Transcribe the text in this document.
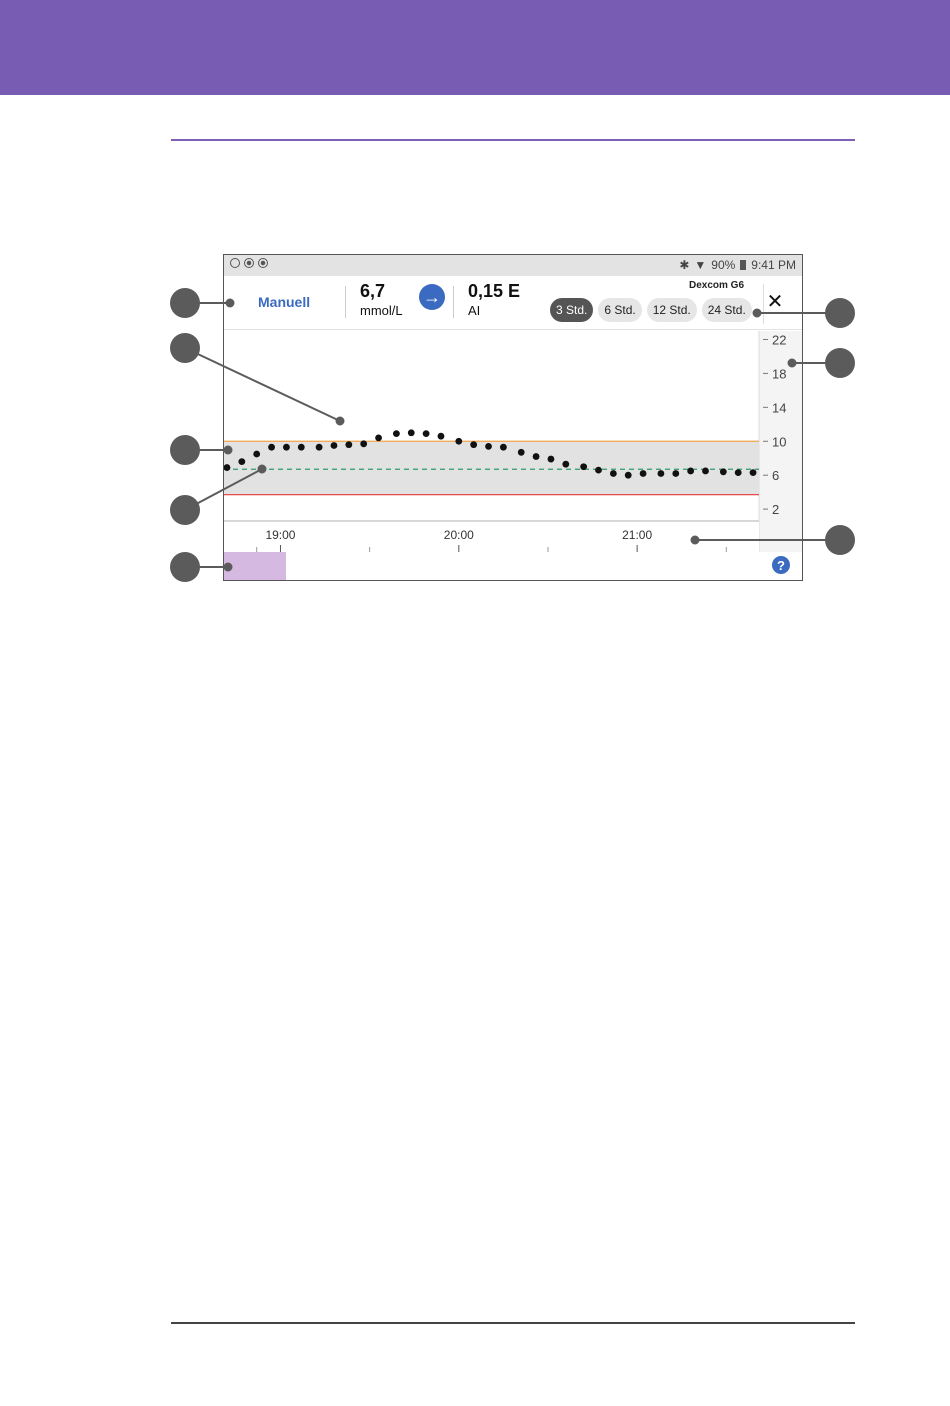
✱ ▼ 90% 9:41 PM
Manuell
6,7
mmol/L
→ 0,15 E
AI
Dexcom G6
3 Std.	6 Std.	12 Std.	24 Std.	✕
22
18
14
10
6
2
19:00	20:00	21:00
?
